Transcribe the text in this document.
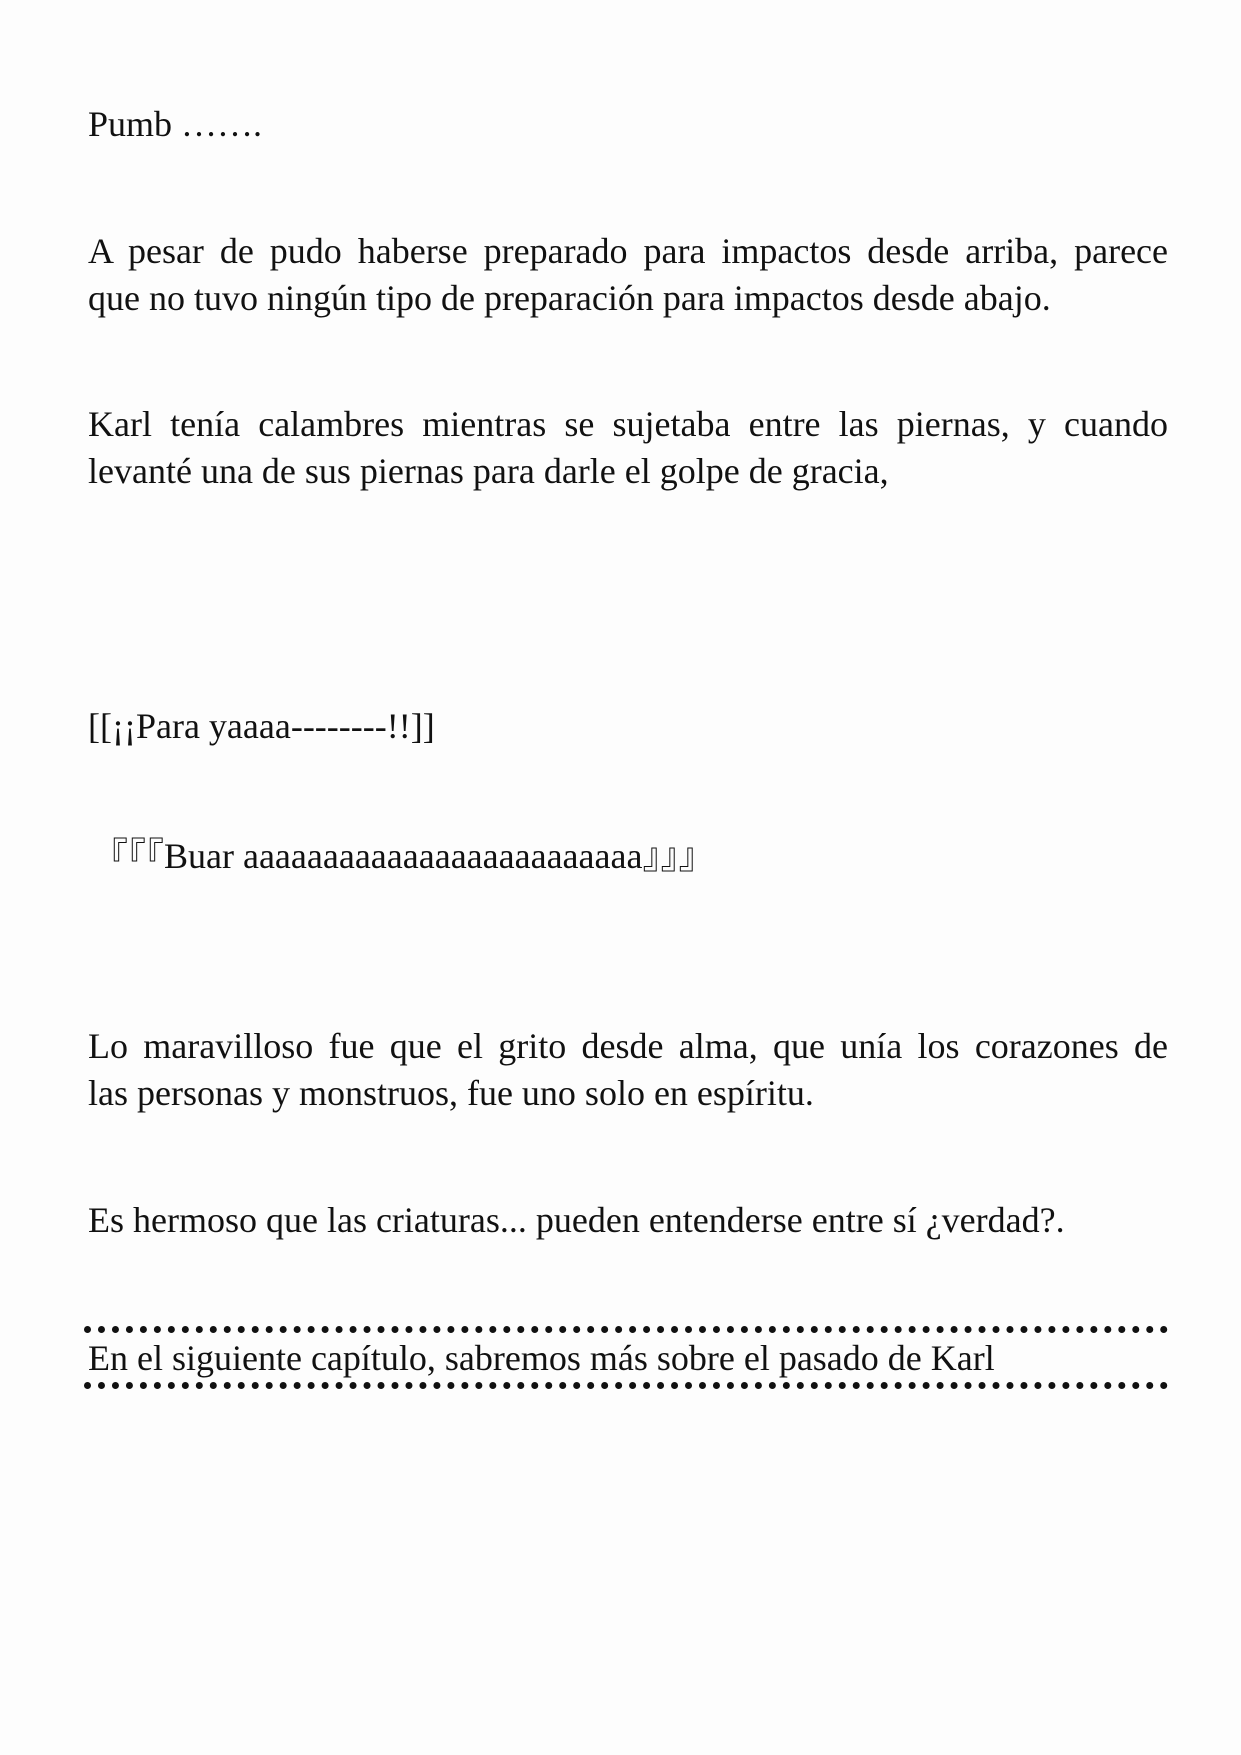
Pumb …….
A pesar de pudo haberse preparado para impactos desde arriba, parece
que no tuvo ningún tipo de preparación para impactos desde abajo.
Karl tenía calambres mientras se sujetaba entre las piernas, y cuando
levanté una de sus piernas para darle el golpe de gracia,
[[¡¡Para yaaaa--------!!]]
『『『Buar aaaaaaaaaaaaaaaaaaaaaaaaa』』』
Lo maravilloso fue que el grito desde alma, que unía los corazones de
las personas y monstruos, fue uno solo en espíritu.
Es hermoso que las criaturas... pueden entenderse entre sí ¿verdad?.
En el siguiente capítulo, sabremos más sobre el pasado de Karl
